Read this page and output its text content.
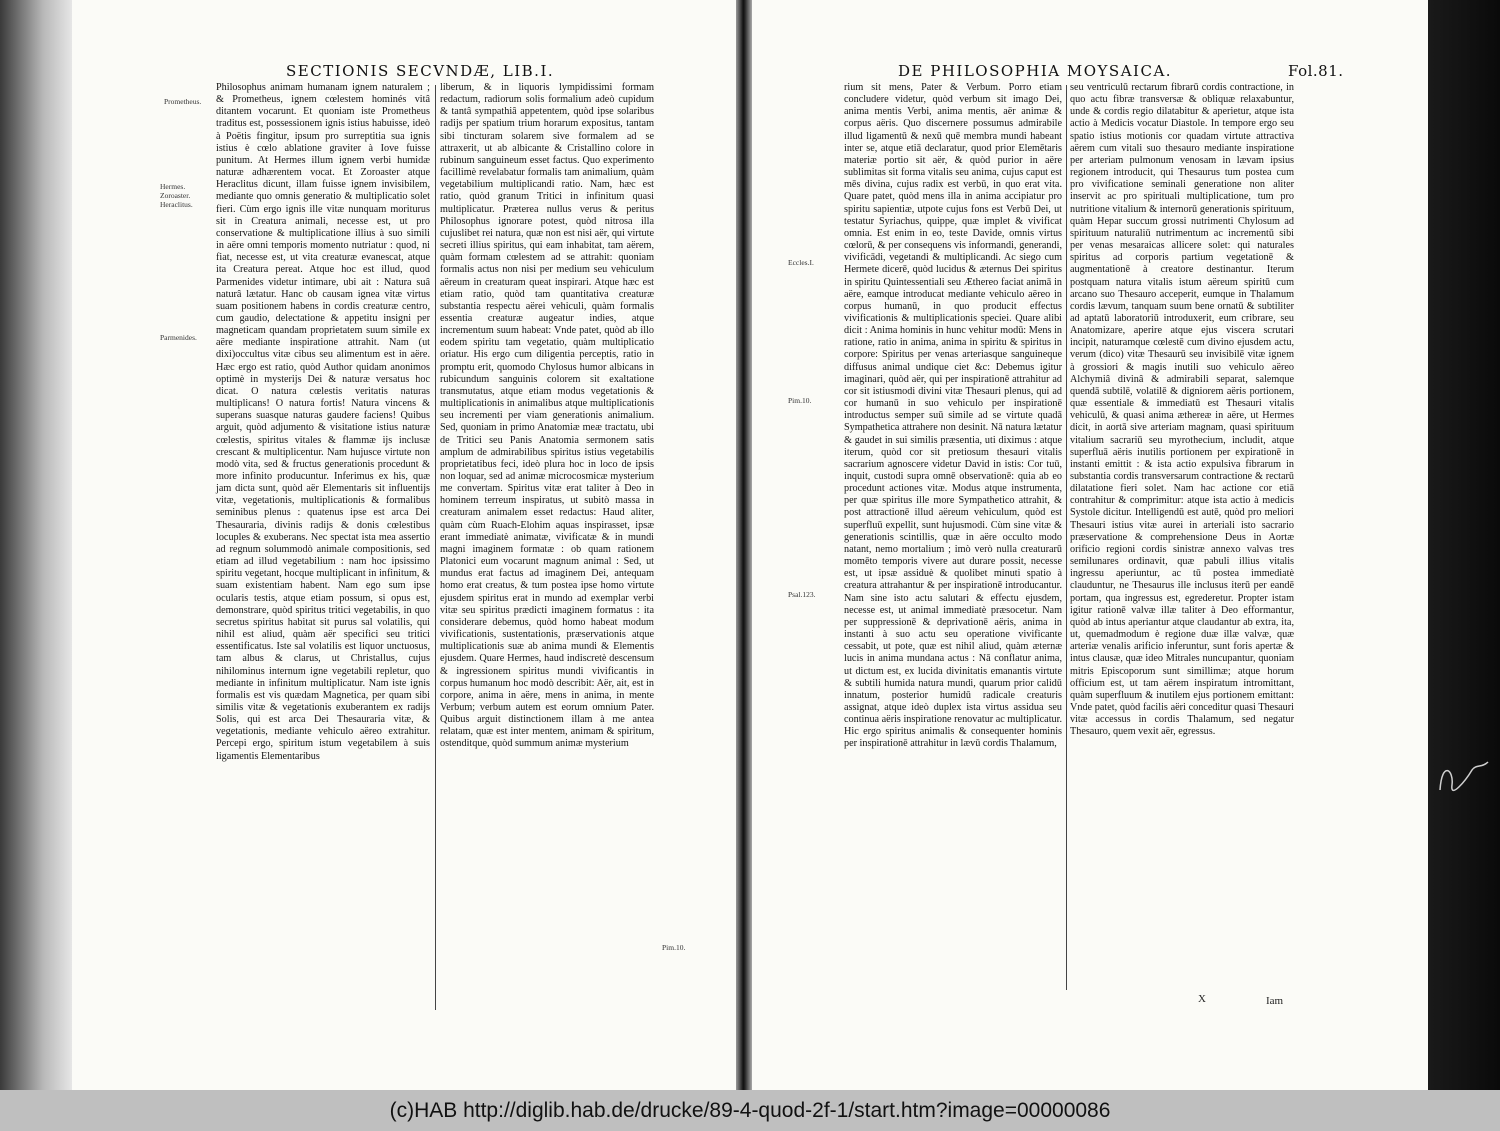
SECTIONIS SECVNDÆ, LIB.I.
Prometheus.
Hermes.
Zoroaster.
Heraclitus.
Parmenides.
Philosophus animam humanam ignem naturalem ; & Prometheus, ignem cœlestem hominés vitâ ditantem vocarunt. Et quoniam iste Prometheus traditus est, possessionem ignis istius habuisse, ideò à Poëtis fingitur, ipsum pro surreptitia sua ignis istius è cœlo ablatione graviter à Iove fuisse punitum. At Hermes illum ignem verbi humidæ naturæ adhærentem vocat. Et Zoroaster atque Heraclitus dicunt, illam fuisse ignem invisibilem, mediante quo omnis generatio & multiplicatio solet fieri. Cùm ergo ignis ille vitæ nunquam moriturus sit in Creatura animali, necesse est, ut pro conservatione & multiplicatione illius à suo simili in aëre omni temporis momento nutriatur : quod, ni fiat, necesse est, ut vita creaturæ evanescat, atque ita Creatura pereat. Atque hoc est illud, quod Parmenides videtur intimare, ubi ait : Natura suâ naturâ lætatur. Hanc ob causam ignea vitæ virtus suam positionem habens in cordis creaturæ centro, cum gaudio, delectatione & appetitu insigni per magneticam quandam proprietatem suum simile ex aëre mediante inspiratione attrahit. Nam (ut dixi)occultus vitæ cibus seu alimentum est in aëre. Hæc ergo est ratio, quòd Author quidam anonimos optimè in mysterijs Dei & naturæ versatus hoc dicat. O natura cœlestis veritatis naturas multiplicans! O natura fortis! Natura vincens & superans suasque naturas gaudere faciens! Quibus arguit, quòd adjumento & visitatione istius naturæ cœlestis, spiritus vitales & flammæ ijs inclusæ crescant & multiplicentur. Nam hujusce virtute non modò vita, sed & fructus generationis procedunt & more infinito producuntur. Inferimus ex his, quæ jam dicta sunt, quòd aër Elementaris sit influentijs vitæ, vegetationis, multiplicationis & formalibus seminibus plenus : quatenus ipse est arca Dei Thesauraria, divinis radijs & donis cœlestibus locuples & exuberans. Nec spectat ista mea assertio ad regnum solummodò animale compositionis, sed etiam ad illud vegetabilium : nam hoc ipsissimo spiritu vegetant, hocque multiplicant in infinitum, & suam existentiam habent. Nam ego sum ipse ocularis testis, atque etiam possum, si opus est, demonstrare, quòd spiritus tritici vegetabilis, in quo secretus spiritus habitat sit purus sal volatilis, qui nihil est aliud, quàm aër specifici seu tritici essentificatus. Iste sal volatilis est liquor unctuosus, tam albus & clarus, ut Christallus, cujus nihilominus internum igne vegetabili repletur, quo mediante in infinitum multiplicatur. Nam iste ignis formalis est vis quædam Magnetica, per quam sibi similis vitæ & vegetationis exuberantem ex radijs Solis, qui est arca Dei Thesauraria vitæ, & vegetationis, mediante vehiculo aëreo extrahitur. Percepi ergo, spiritum istum vegetabilem à suis ligamentis Elementaribus
liberum, & in liquoris lympidissimi formam redactum, radiorum solis formalium adeò cupidum & tantâ sympathiâ appetentem, quòd ipse solaribus radijs per spatium trium horarum expositus, tantam sibi tincturam solarem sive formalem ad se attraxerit, ut ab albicante & Cristallino colore in rubinum sanguineum esset factus. Quo experimento facillimè revelabatur formalis tam animalium, quàm vegetabilium multiplicandi ratio. Nam, hæc est ratio, quòd granum Tritici in infinitum quasi multiplicatur. Præterea nullus verus & peritus Philosophus ignorare potest, quòd nitrosa illa cujuslibet rei natura, quæ non est nisi aër, qui virtute secreti illius spiritus, qui eam inhabitat, tam aërem, quàm formam cœlestem ad se attrahit: quoniam formalis actus non nisi per medium seu vehiculum aëreum in creaturam queat inspirari. Atque hæc est etiam ratio, quòd tam quantitativa creaturæ substantia respectu aërei vehiculi, quàm formalis essentia creaturæ augeatur indies, atque incrementum suum habeat: Vnde patet, quòd ab illo eodem spiritu tam vegetatio, quàm multiplicatio oriatur. His ergo cum diligentia perceptis, ratio in promptu erit, quomodo Chylosus humor albicans in rubicundum sanguinis colorem sit exaltatione transmutatus, atque etiam modus vegetationis & multiplicationis in animalibus atque multiplicationis seu incrementi per viam generationis animalium. Sed, quoniam in primo Anatomiæ meæ tractatu, ubi de Tritici seu Panis Anatomia sermonem satis amplum de admirabilibus spiritus istius vegetabilis proprietatibus feci, ideò plura hoc in loco de ipsis non loquar, sed ad animæ microcosmicæ mysterium me convertam. Spiritus vitæ erat taliter à Deo in hominem terreum inspiratus, ut subitò massa in creaturam animalem esset redactus: Haud aliter, quàm cùm Ruach-Elohim aquas inspirasset, ipsæ erant immediatè animatæ, vivificatæ & in mundi magni imaginem formatæ : ob quam rationem Platonici eum vocarunt magnum animal : Sed, ut mundus erat factus ad imaginem Dei, antequam homo erat creatus, & tum postea ipse homo virtute ejusdem spiritus erat in mundo ad exemplar verbi vitæ seu spiritus prædicti imaginem formatus : ita considerare debemus, quòd homo habeat modum vivificationis, sustentationis, præservationis atque multiplicationis suæ ab anima mundi & Elementis ejusdem. Quare Hermes, haud indiscretè descensum & ingressionem spiritus mundi vivificantis in corpus humanum hoc modò describit: Aër, ait, est in corpore, anima in aëre, mens in anima, in mente Verbum; verbum autem est eorum omnium Pater. Quibus arguit distinctionem illam à me antea relatam, quæ est inter mentem, animam & spiritum, ostenditque, quòd summum animæ mysterium
DE PHILOSOPHIA MOYSAICA.	Fol.81.
Eccles.I.
Pim.10.
Psal.123.
Pim.10.
rium sit mens, Pater & Verbum. Porro etiam concludere videtur, quòd verbum sit imago Dei, anima mentis Verbi, anima mentis, aër animæ & corpus aëris. Quo discernere possumus admirabile illud ligamentū & nexū quē membra mundi habeant inter se, atque etiā declaratur, quod prior Elemētaris materiæ portio sit aër, & quòd purior in aëre sublimitas sit forma vitalis seu anima, cujus caput est mēs divina, cujus radix est verbū, in quo erat vita. Quare patet, quòd mens illa in anima accipiatur pro spiritu sapientiæ, utpote cujus fons est Verbū Dei, ut testatur Syriachus, quippe, quæ implet & vivificat omnia. Est enim in eo, teste Davide, omnis virtus cœlorū, & per consequens vis informandi, generandi, vivificādi, vegetandi & multiplicandi. Ac siego cum Hermete dicerē, quòd lucidus & æternus Dei spiritus in spiritu Quintessentiali seu Æthereo faciat animā in aëre, eamque introducat mediante vehiculo aëreo in corpus humanū, in quo producit effectus vivificationis & multiplicationis speciei. Quare alibi dicit : Anima hominis in hunc vehitur modū: Mens in ratione, ratio in anima, anima in spiritu & spiritus in corpore: Spiritus per venas arteriasque sanguineque diffusus animal undique ciet &c: Debemus igitur imaginari, quòd aër, qui per inspirationē attrahitur ad cor sit istiusmodi divini vitæ Thesauri plenus, qui ad cor humanū in suo vehiculo per inspirationē introductus semper suū simile ad se virtute quadā Sympathetica attrahere non desinit. Nā natura lætatur & gaudet in sui similis præsentia, uti diximus : atque iterum, quòd cor sit pretiosum thesauri vitalis sacrarium agnoscere videtur David in istis: Cor tuū, inquit, custodi supra omnē observationē: quia ab eo procedunt actiones vitæ. Modus atque instrumenta, per quæ spiritus ille more Sympathetico attrahit, & post attractionē illud aëreum vehiculum, quòd est superfluū expellit, sunt hujusmodi. Cùm sine vitæ & generationis scintillis, quæ in aëre occulto modo natant, nemo mortalium ; imò verò nulla creaturarū momēto temporis vivere aut durare possit, necesse est, ut ipsæ assiduè & quolibet minuti spatio à creatura attrahantur & per inspirationē introducantur. Nam sine isto actu salutari & effectu ejusdem, necesse est, ut animal immediatè præsocetur. Nam per suppressionē & deprivationē aëris, anima in instanti à suo actu seu operatione vivificante cessabit, ut pote, quæ est nihil aliud, quàm æternæ lucis in anima mundana actus : Nā conflatur anima, ut dictum est, ex lucida divinitatis emanantis virtute & subtili humida natura mundi, quarum prior calidū innatum, posterior humidū radicale creaturis assignat, atque ideò duplex ista virtus assidua seu continua aëris inspiratione renovatur ac multiplicatur. Hic ergo spiritus animalis & consequenter hominis per inspirationē attrahitur in lævū cordis Thalamum,
seu ventriculū rectarum fibrarū cordis contractione, in quo actu fibræ transversæ & obliquæ relaxabuntur, unde & cordis regio dilatabitur & aperietur, atque ista actio à Medicis vocatur Diastole. In tempore ergo seu spatio istius motionis cor quadam virtute attractiva aërem cum vitali suo thesauro mediante inspiratione per arteriam pulmonum venosam in lævam ipsius regionem introducit, qui Thesaurus tum postea cum pro vivificatione seminali generatione non aliter inservit ac pro spirituali multiplicatione, tum pro nutritione vitalium & internorū generationis spirituum, quàm Hepar succum grossi nutrimenti Chylosum ad spirituum naturaliū nutrimentum ac incrementū sibi per venas mesaraicas allicere solet: qui naturales spiritus ad corporis partium vegetationē & augmentationē à creatore destinantur. Iterum postquam natura vitalis istum aëreum spiritū cum arcano suo Thesauro acceperit, eumque in Thalamum cordis lævum, tanquam suum bene ornatū & subtiliter ad aptatū laboratoriū introduxerit, eum cribrare, seu Anatomizare, aperire atque ejus viscera scrutari incipit, naturamque cœlestē cum divino ejusdem actu, verum (dico) vitæ Thesaurū seu invisibilē vitæ ignem à grossiori & magis inutili suo vehiculo aëreo Alchymiâ divinâ & admirabili separat, salemque quendā subtilē, volatilē & digniorem aëris portionem, quæ essentiale & immediatū est Thesauri vitalis vehiculū, & quasi anima æthereæ in aëre, ut Hermes dicit, in aortā sive arteriam magnam, quasi spirituum vitalium sacrariū seu myrothecium, includit, atque superfluā aëris inutilis portionem per expirationē in instanti emittit : & ista actio expulsiva fibrarum in substantia cordis transversarum contractione & rectarū dilatatione fieri solet. Nam hac actione cor etiā contrahitur & comprimitur: atque ista actio à medicis Systole dicitur. Intelligendū est autē, quòd pro meliori Thesauri istius vitæ aurei in arteriali isto sacrario præservatione & comprehensione Deus in Aortæ orificio regioni cordis sinistræ annexo valvas tres semilunares ordinavit, quæ pabuli illius vitalis ingressu aperiuntur, ac tū postea immediatè clauduntur, ne Thesaurus ille inclusus iterū per eandē portam, qua ingressus est, egrederetur. Propter istam igitur rationē valvæ illæ taliter à Deo efformantur, quòd ab intus aperiantur atque claudantur ab extra, ita, ut, quemadmodum è regione duæ illæ valvæ, quæ arteriæ venalis arificio inferuntur, sunt foris apertæ & intus clausæ, quæ ideo Mitrales nuncupantur, quoniam mitris Episcoporum sunt simillimæ; atque horum officium est, ut tam aërem inspiratum intromittant, quàm superfluum & inutilem ejus portionem emittant: Vnde patet, quòd facilis aëri conceditur quasi Thesauri vitæ accessus in cordis Thalamum, sed negatur Thesauro, quem vexit aër, egressus.
X	Iam
(c)HAB http://diglib.hab.de/drucke/89-4-quod-2f-1/start.htm?image=00000086
